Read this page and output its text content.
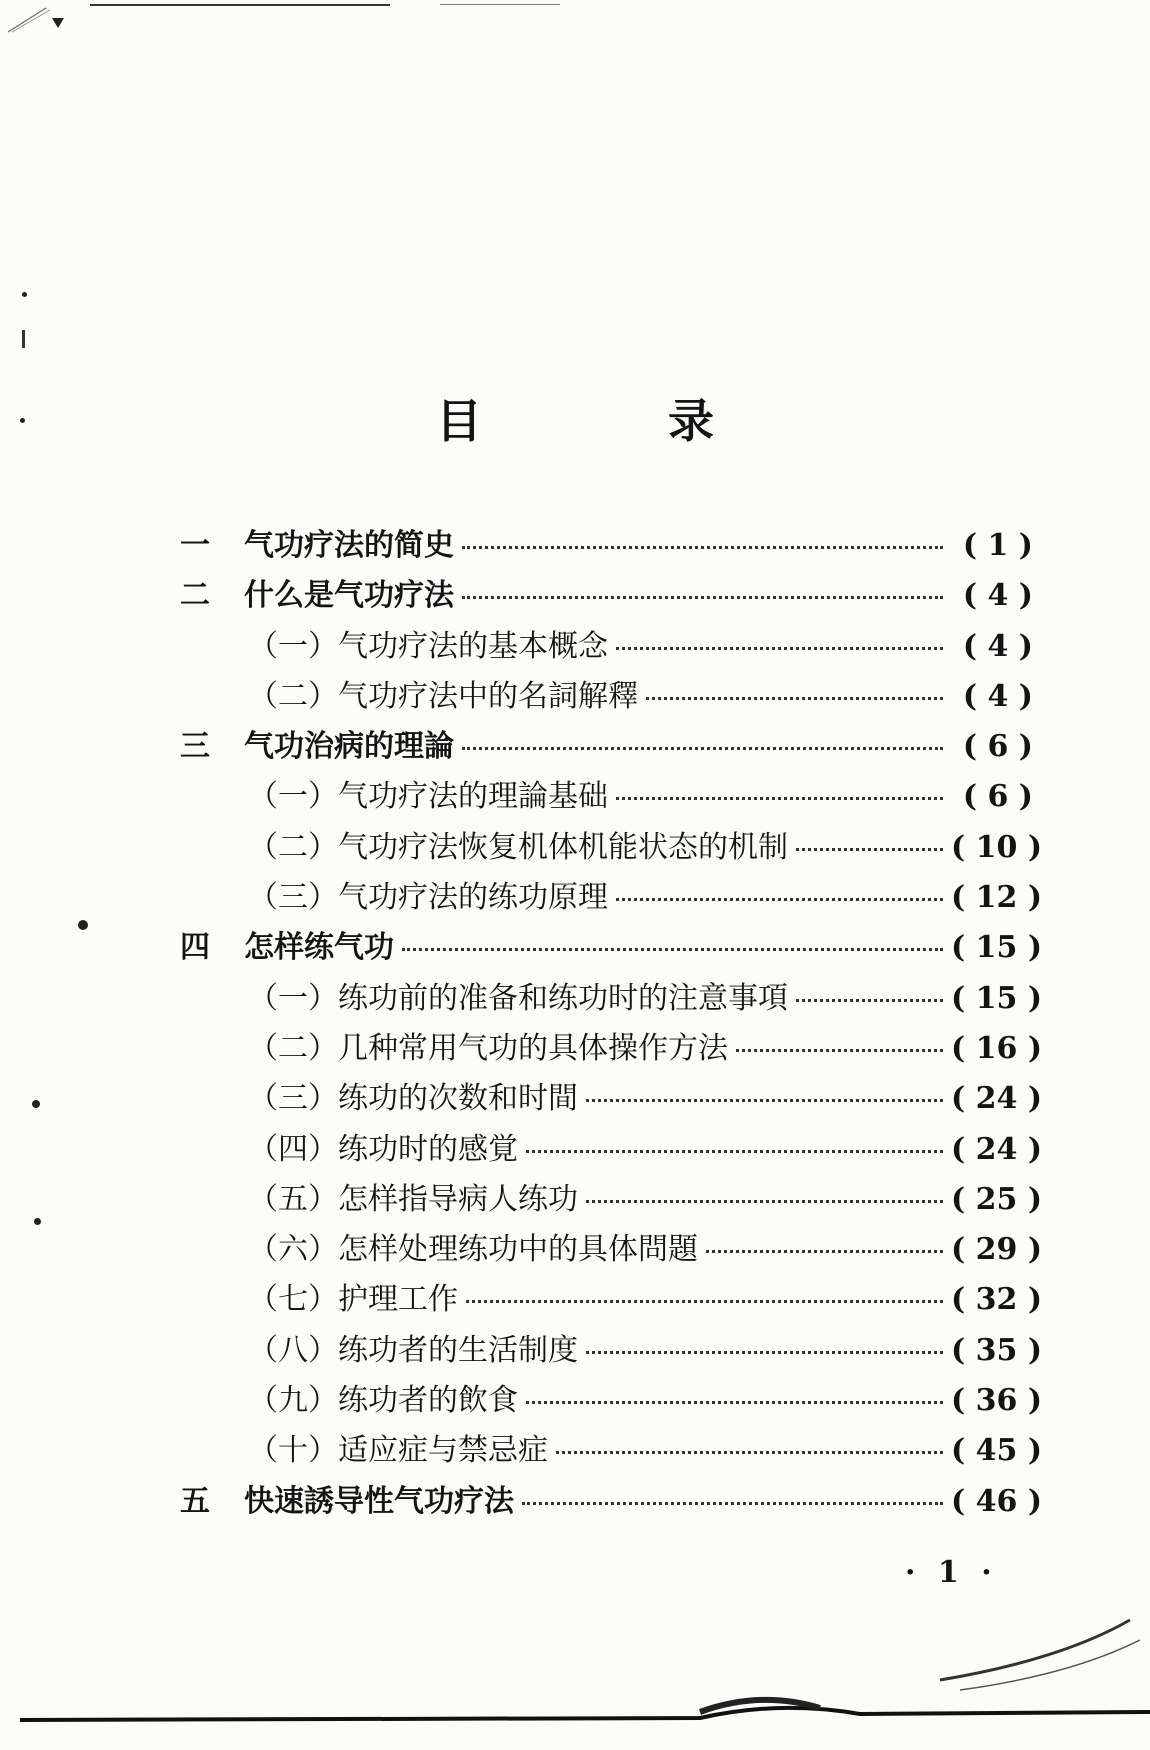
目　录
一	气功疗法的简史	( 1 )
二	什么是气功疗法	( 4 )
（一）气功疗法的基本概念	( 4 )
（二）气功疗法中的名詞解釋	( 4 )
三	气功治病的理論	( 6 )
（一）气功疗法的理論基础	( 6 )
（二）气功疗法恢复机体机能状态的机制	( 10 )
（三）气功疗法的练功原理	( 12 )
四	怎样练气功	( 15 )
（一）练功前的准备和练功时的注意事項	( 15 )
（二）几种常用气功的具体操作方法	( 16 )
（三）练功的次数和时間	( 24 )
（四）练功时的感覚	( 24 )
（五）怎样指导病人练功	( 25 )
（六）怎样处理练功中的具体問題	( 29 )
（七）护理工作	( 32 )
（八）练功者的生活制度	( 35 )
（九）练功者的飲食	( 36 )
（十）适应症与禁忌症	( 45 )
五	快速誘导性气功疗法	( 46 )
· 1 ·
